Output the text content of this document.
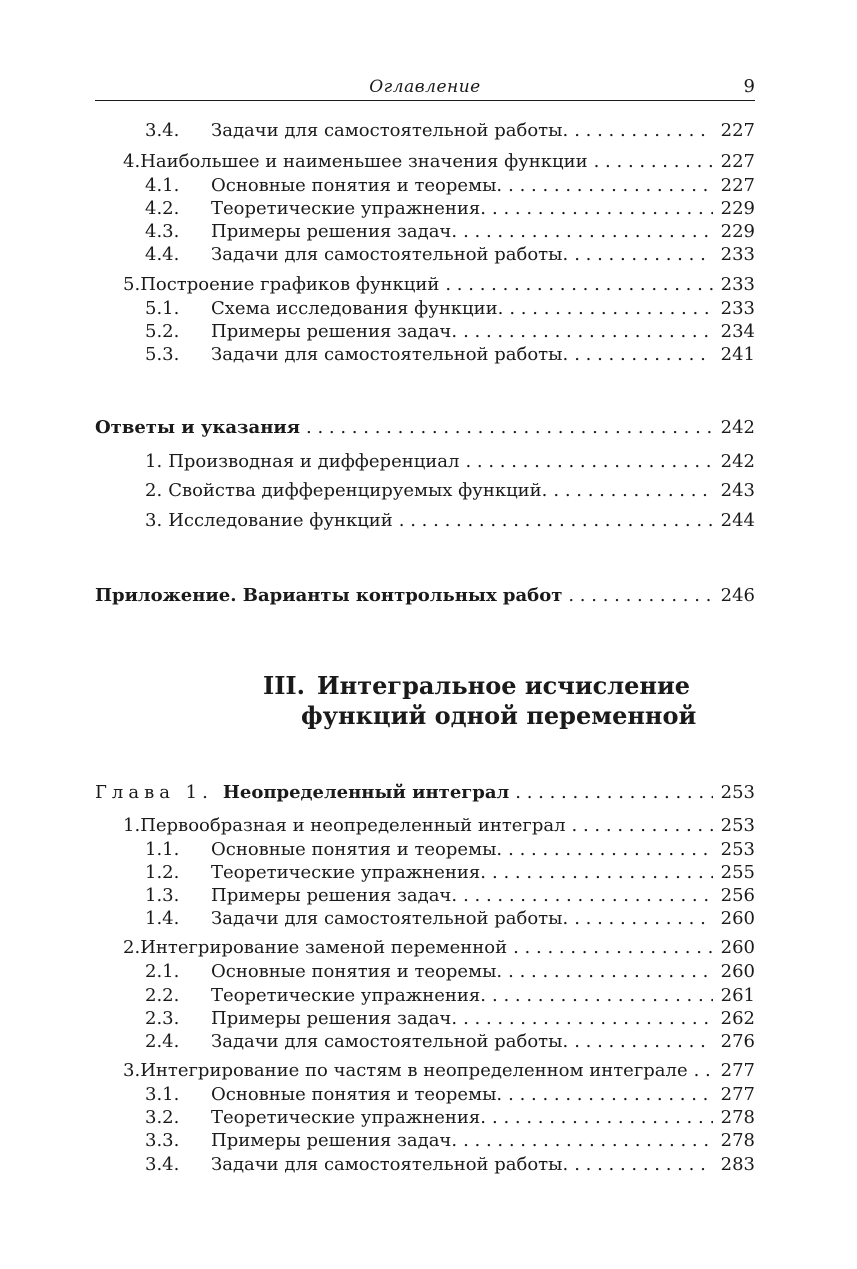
Оглавление	9
3.4.	Задачи для самостоятельной работы. . . .	227
4. Наибольшее и наименьшее значения функции . . .	227
4.1.	Основные понятия и теоремы. . . .	227
4.2.	Теоретические упражнения. . . .	229
4.3.	Примеры решения задач. . . .	229
4.4.	Задачи для самостоятельной работы. . . .	233
5. Построение графиков функций . . .	233
5.1.	Схема исследования функции. . . .	233
5.2.	Примеры решения задач. . . .	234
5.3.	Задачи для самостоятельной работы. . . .	241
Ответы и указания . . .	242
1. Производная и дифференциал . . .	242
2. Свойства дифференцируемых функций. . . .	243
3. Исследование функций . . .	244
Приложение. Варианты контрольных работ . . .	246
III. Интегральное исчисление
функций одной переменной
Глава 1. Неопределенный интеграл . . .	253
1. Первообразная и неопределенный интеграл . . .	253
1.1.	Основные понятия и теоремы. . . .	253
1.2.	Теоретические упражнения. . . .	255
1.3.	Примеры решения задач. . . .	256
1.4.	Задачи для самостоятельной работы. . . .	260
2. Интегрирование заменой переменной . . .	260
2.1.	Основные понятия и теоремы. . . .	260
2.2.	Теоретические упражнения. . . .	261
2.3.	Примеры решения задач. . . .	262
2.4.	Задачи для самостоятельной работы. . . .	276
3. Интегрирование по частям в неопределенном интеграле . . . 277
3.1.	Основные понятия и теоремы. . . .	277
3.2.	Теоретические упражнения. . . .	278
3.3.	Примеры решения задач. . . .	278
3.4.	Задачи для самостоятельной работы. . . .	283
